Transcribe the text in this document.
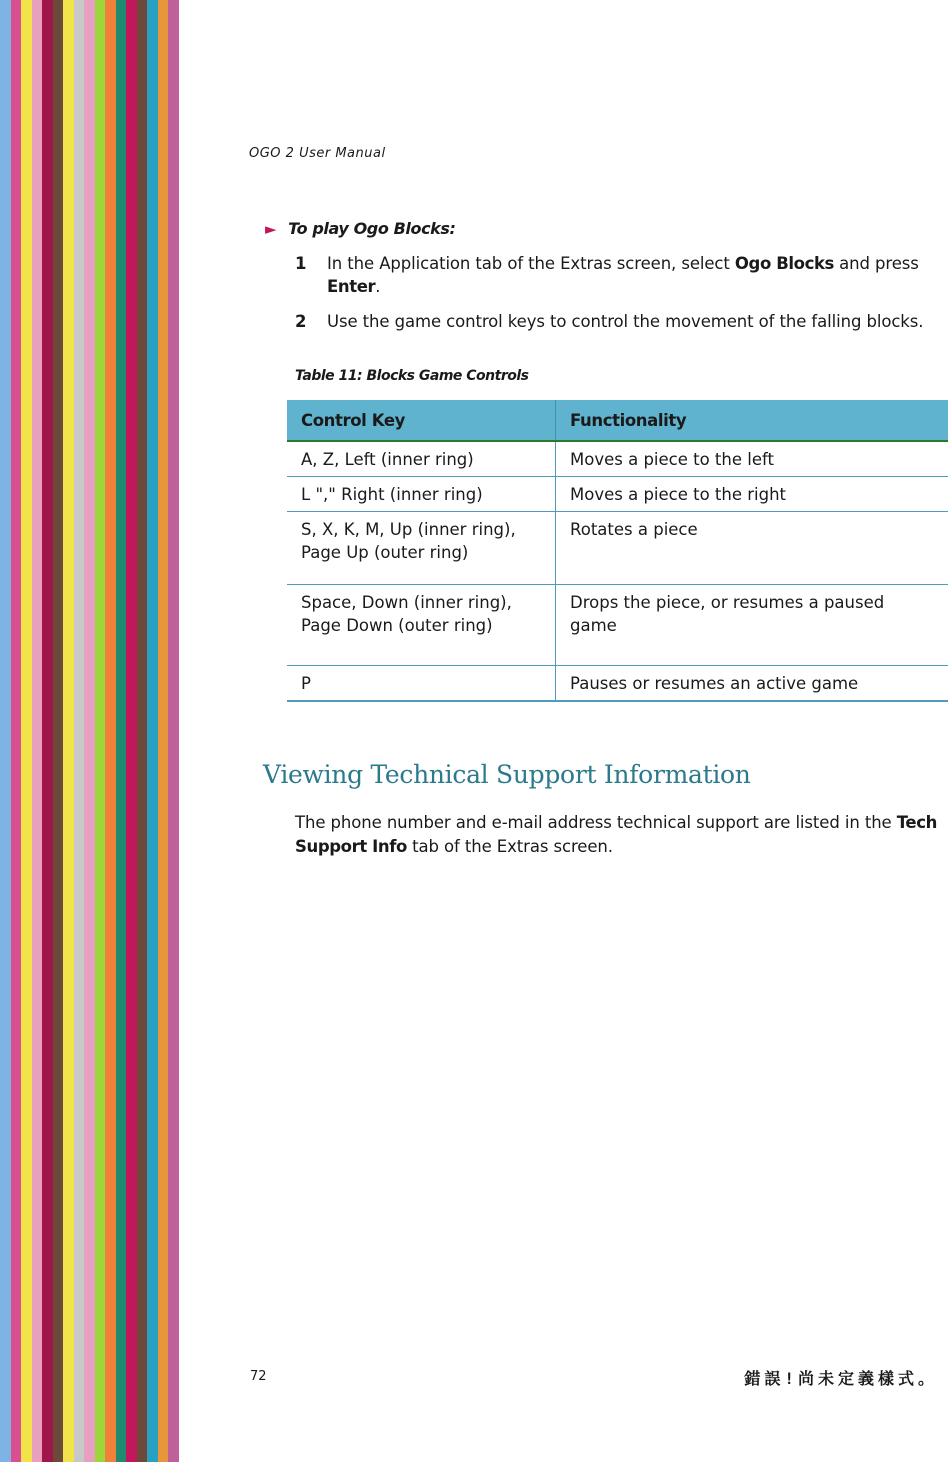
OGO 2 User Manual
► To play Ogo Blocks:
1 In the Application tab of the Extras screen, select Ogo Blocks and press Enter.
2 Use the game control keys to control the movement of the falling blocks.
Table 11: Blocks Game Controls
Control Key	Functionality
A, Z, Left (inner ring)	Moves a piece to the left
L "," Right (inner ring)	Moves a piece to the right
S, X, K, M, Up (inner ring), Page Up (outer ring)	Rotates a piece
Space, Down (inner ring), Page Down (outer ring)	Drops the piece, or resumes a paused game
P	Pauses or resumes an active game
Viewing Technical Support Information
The phone number and e-mail address technical support are listed in the Tech Support Info tab of the Extras screen.
72	錯誤!尚未定義樣式。
